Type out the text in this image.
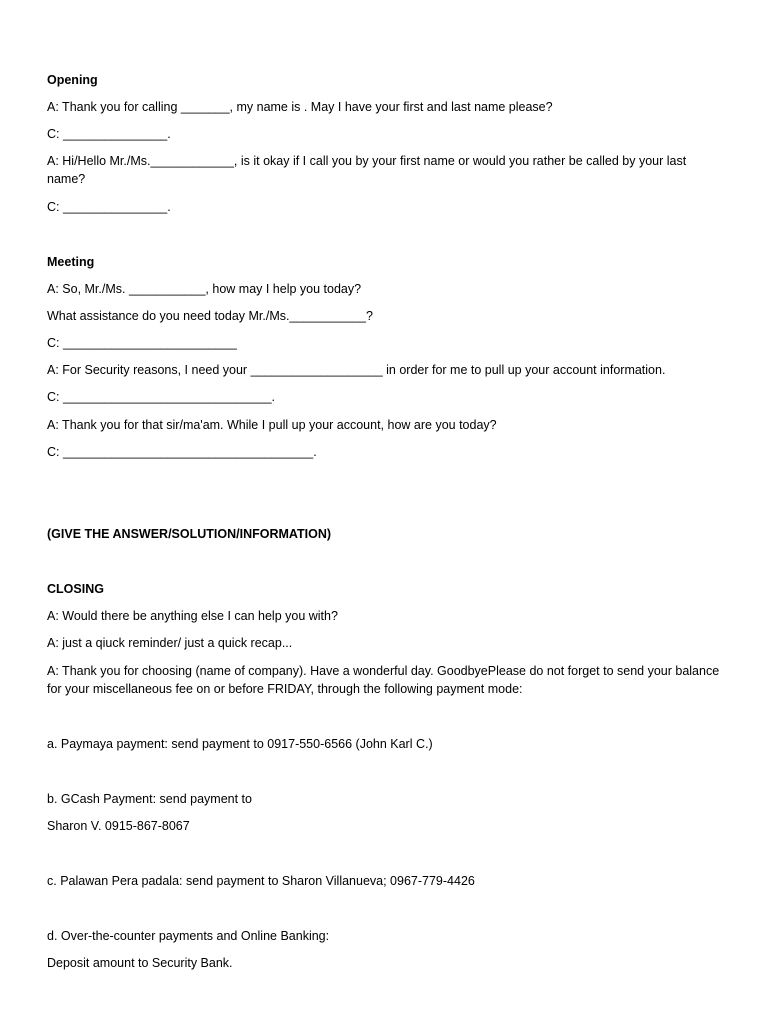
Opening
A: Thank you for calling _______, my name is . May I have your first and last name please?
C: _______________.
A: Hi/Hello Mr./Ms.____________, is it okay if I call you by your first name or would you rather be called by your last name?
C: _______________.
Meeting
A: So, Mr./Ms. ___________, how may I help you today?
What assistance do you need today Mr./Ms.___________?
C: _________________________
A: For Security reasons, I need your ___________________ in order for me to pull up your account information.
C: ______________________________.
A: Thank you for that sir/ma'am. While I pull up your account, how are you today?
C: ____________________________________.
(GIVE THE ANSWER/SOLUTION/INFORMATION)
CLOSING
A: Would there be anything else I can help you with?
A: just a qiuck reminder/ just a quick recap...
A: Thank you for choosing (name of company). Have a wonderful day. GoodbyePlease do not forget to send your balance for your miscellaneous fee on or before FRIDAY, through the following payment mode:
a. Paymaya payment: send payment to 0917-550-6566 (John Karl C.)
b. GCash Payment: send payment to
Sharon V. 0915-867-8067
c. Palawan Pera padala: send payment to Sharon Villanueva; 0967-779-4426
d. Over-the-counter payments and Online Banking:
Deposit amount to Security Bank.
